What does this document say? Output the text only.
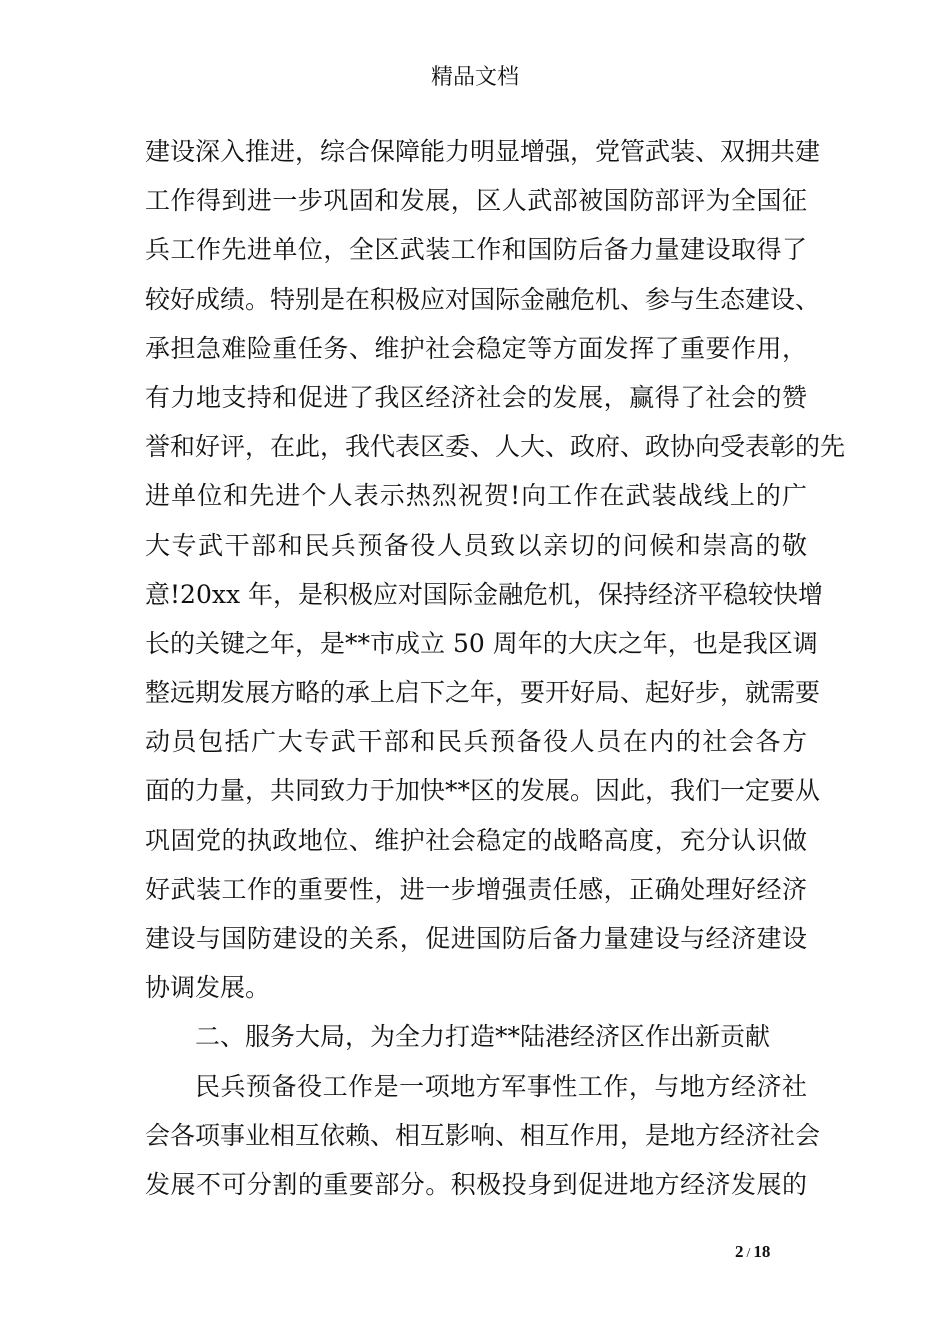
精品文档
建设深入推进，综合保障能力明显增强，党管武装、双拥共建
工作得到进一步巩固和发展，区人武部被国防部评为全国征
兵工作先进单位，全区武装工作和国防后备力量建设取得了
较好成绩。特别是在积极应对国际金融危机、参与生态建设、
承担急难险重任务、维护社会稳定等方面发挥了重要作用，
有力地支持和促进了我区经济社会的发展，赢得了社会的赞
誉和好评，在此，我代表区委、人大、政府、政协向受表彰的先
进单位和先进个人表示热烈祝贺!向工作在武装战线上的广
大专武干部和民兵预备役人员致以亲切的问候和崇高的敬
意!20xx 年，是积极应对国际金融危机，保持经济平稳较快增
长的关键之年，是**市成立 50 周年的大庆之年，也是我区调
整远期发展方略的承上启下之年，要开好局、起好步，就需要
动员包括广大专武干部和民兵预备役人员在内的社会各方
面的力量，共同致力于加快**区的发展。因此，我们一定要从
巩固党的执政地位、维护社会稳定的战略高度，充分认识做
好武装工作的重要性，进一步增强责任感，正确处理好经济
建设与国防建设的关系，促进国防后备力量建设与经济建设
协调发展。
二、服务大局，为全力打造**陆港经济区作出新贡献
民兵预备役工作是一项地方军事性工作，与地方经济社
会各项事业相互依赖、相互影响、相互作用，是地方经济社会
发展不可分割的重要部分。积极投身到促进地方经济发展的
2 / 18
